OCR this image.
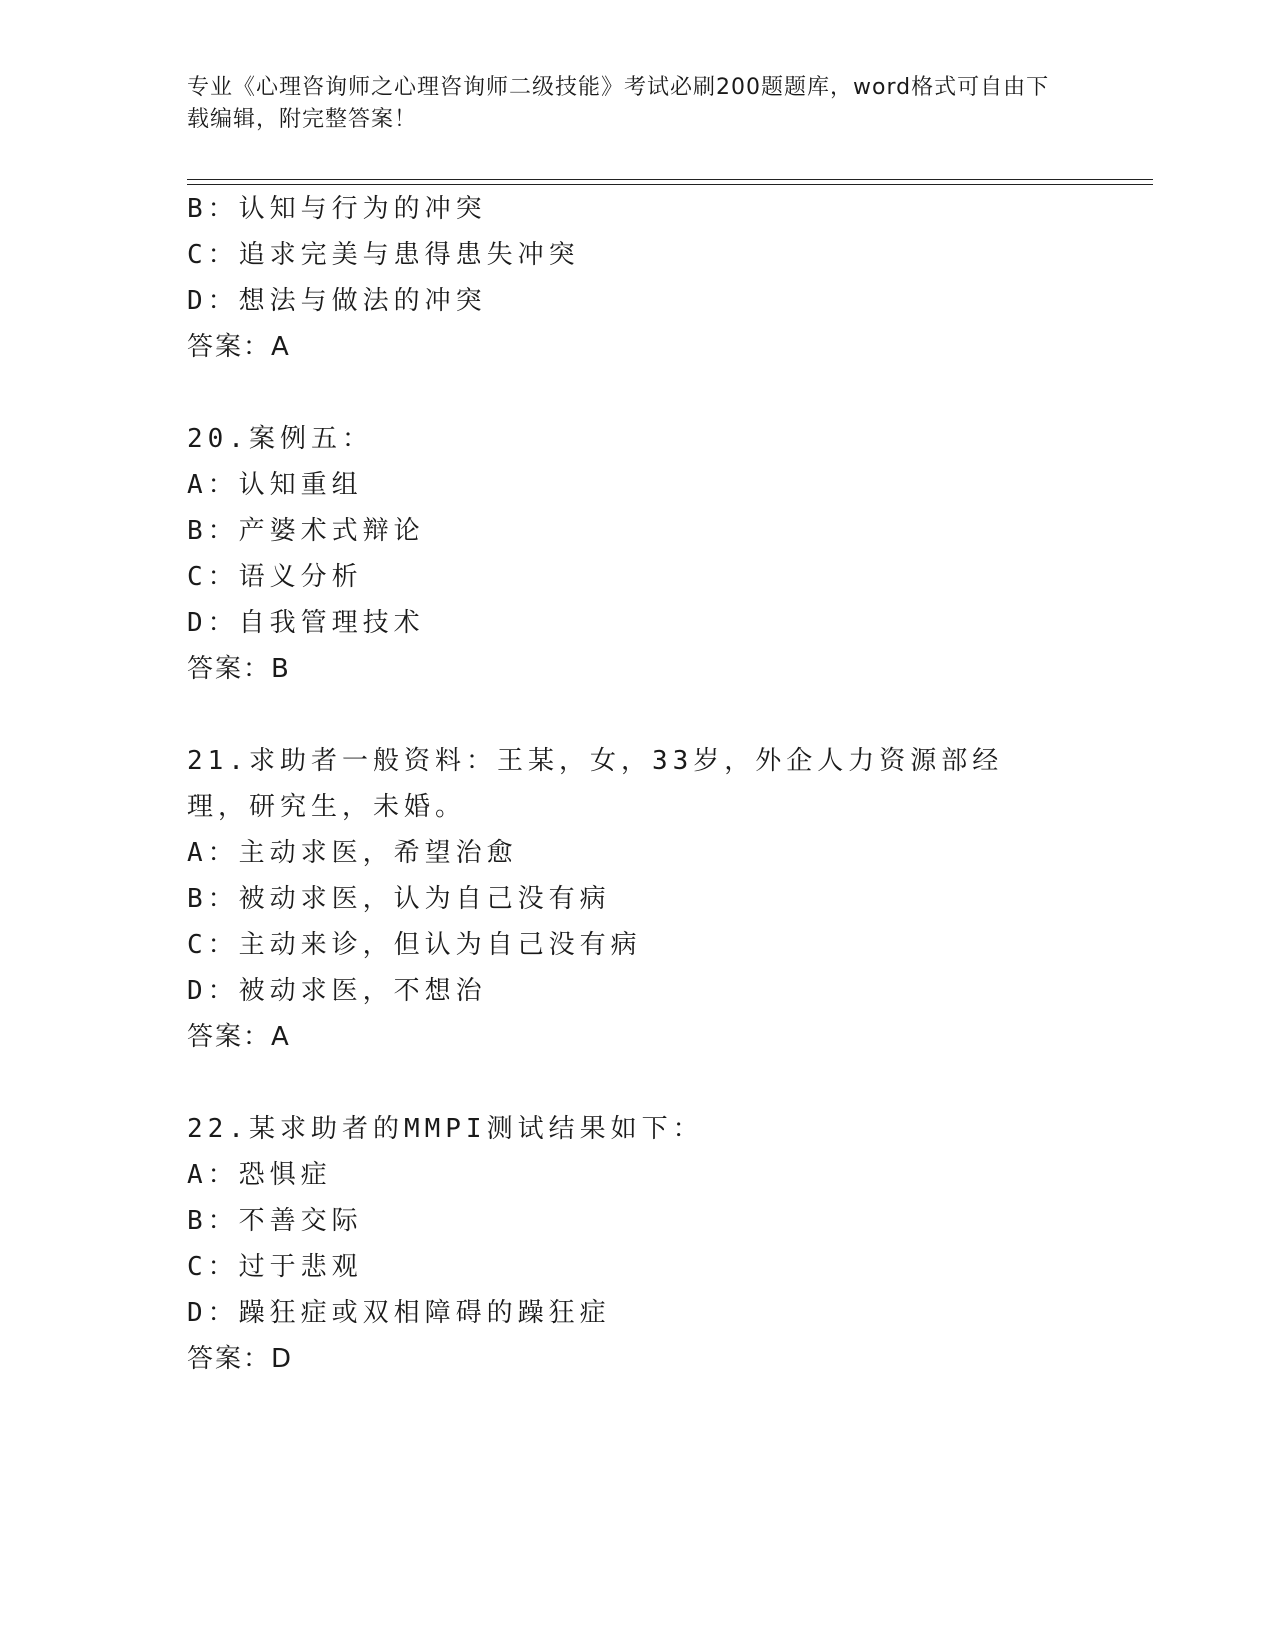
专业《心理咨询师之心理咨询师二级技能》考试必刷200题题库，word格式可自由下载编辑，附完整答案！
B：认知与行为的冲突
C：追求完美与患得患失冲突
D：想法与做法的冲突
答案：A
20.案例五：
A：认知重组
B：产婆术式辩论
C：语义分析
D：自我管理技术
答案：B
21.求助者一般资料：王某，女，33岁，外企人力资源部经理，研究生，未婚。
A：主动求医，希望治愈
B：被动求医，认为自己没有病
C：主动来诊，但认为自己没有病
D：被动求医，不想治
答案：A
22.某求助者的MMPI测试结果如下：
A：恐惧症
B：不善交际
C：过于悲观
D：躁狂症或双相障碍的躁狂症
答案：D
